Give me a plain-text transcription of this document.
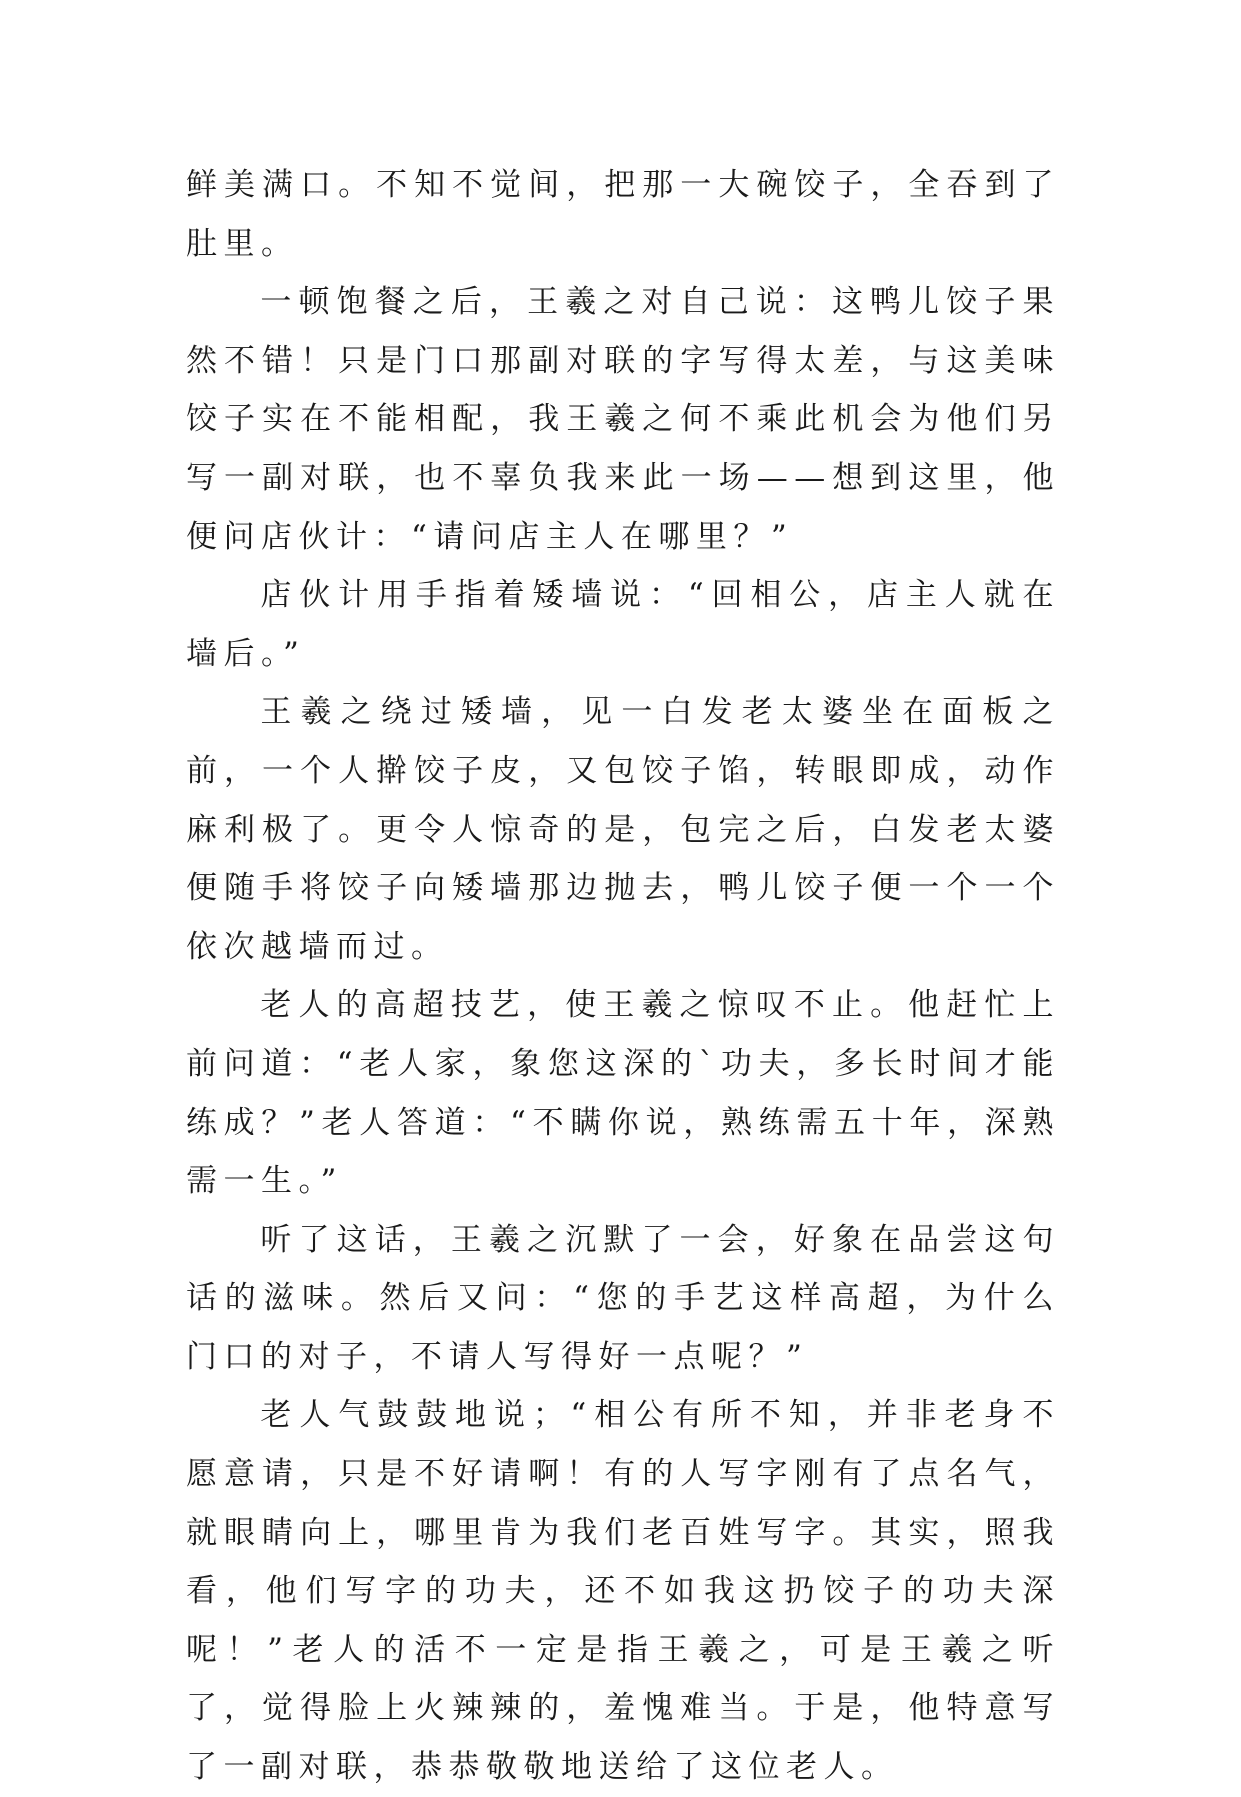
鲜美满口。不知不觉间，把那一大碗饺子，全吞到了肚里。

一顿饱餐之后，王羲之对自己说：这鸭儿饺子果然不错！只是门口那副对联的字写得太差，与这美味饺子实在不能相配，我王羲之何不乘此机会为他们另写一副对联，也不辜负我来此一场——想到这里，他便问店伙计：“请问店主人在哪里？”

店伙计用手指着矮墙说：“回相公，店主人就在墙后。”

王羲之绕过矮墙，见一白发老太婆坐在面板之前，一个人擀饺子皮，又包饺子馅，转眼即成，动作麻利极了。更令人惊奇的是，包完之后，白发老太婆便随手将饺子向矮墙那边抛去，鸭儿饺子便一个一个依次越墙而过。

老人的高超技艺，使王羲之惊叹不止。他赶忙上前问道：“老人家，象您这深的`功夫，多长时间才能练成？”老人答道：“不瞒你说，熟练需五十年，深熟需一生。”

听了这话，王羲之沉默了一会，好象在品尝这句话的滋味。然后又问：“您的手艺这样高超，为什么门口的对子，不请人写得好一点呢？”

老人气鼓鼓地说；“相公有所不知，并非老身不愿意请，只是不好请啊！有的人写字刚有了点名气，就眼睛向上，哪里肯为我们老百姓写字。其实，照我看，他们写字的功夫，还不如我这扔饺子的功夫深呢！”老人的活不一定是指王羲之，可是王羲之听了，觉得脸上火辣辣的，羞愧难当。于是，他特意写了一副对联，恭恭敬敬地送给了这位老人。
